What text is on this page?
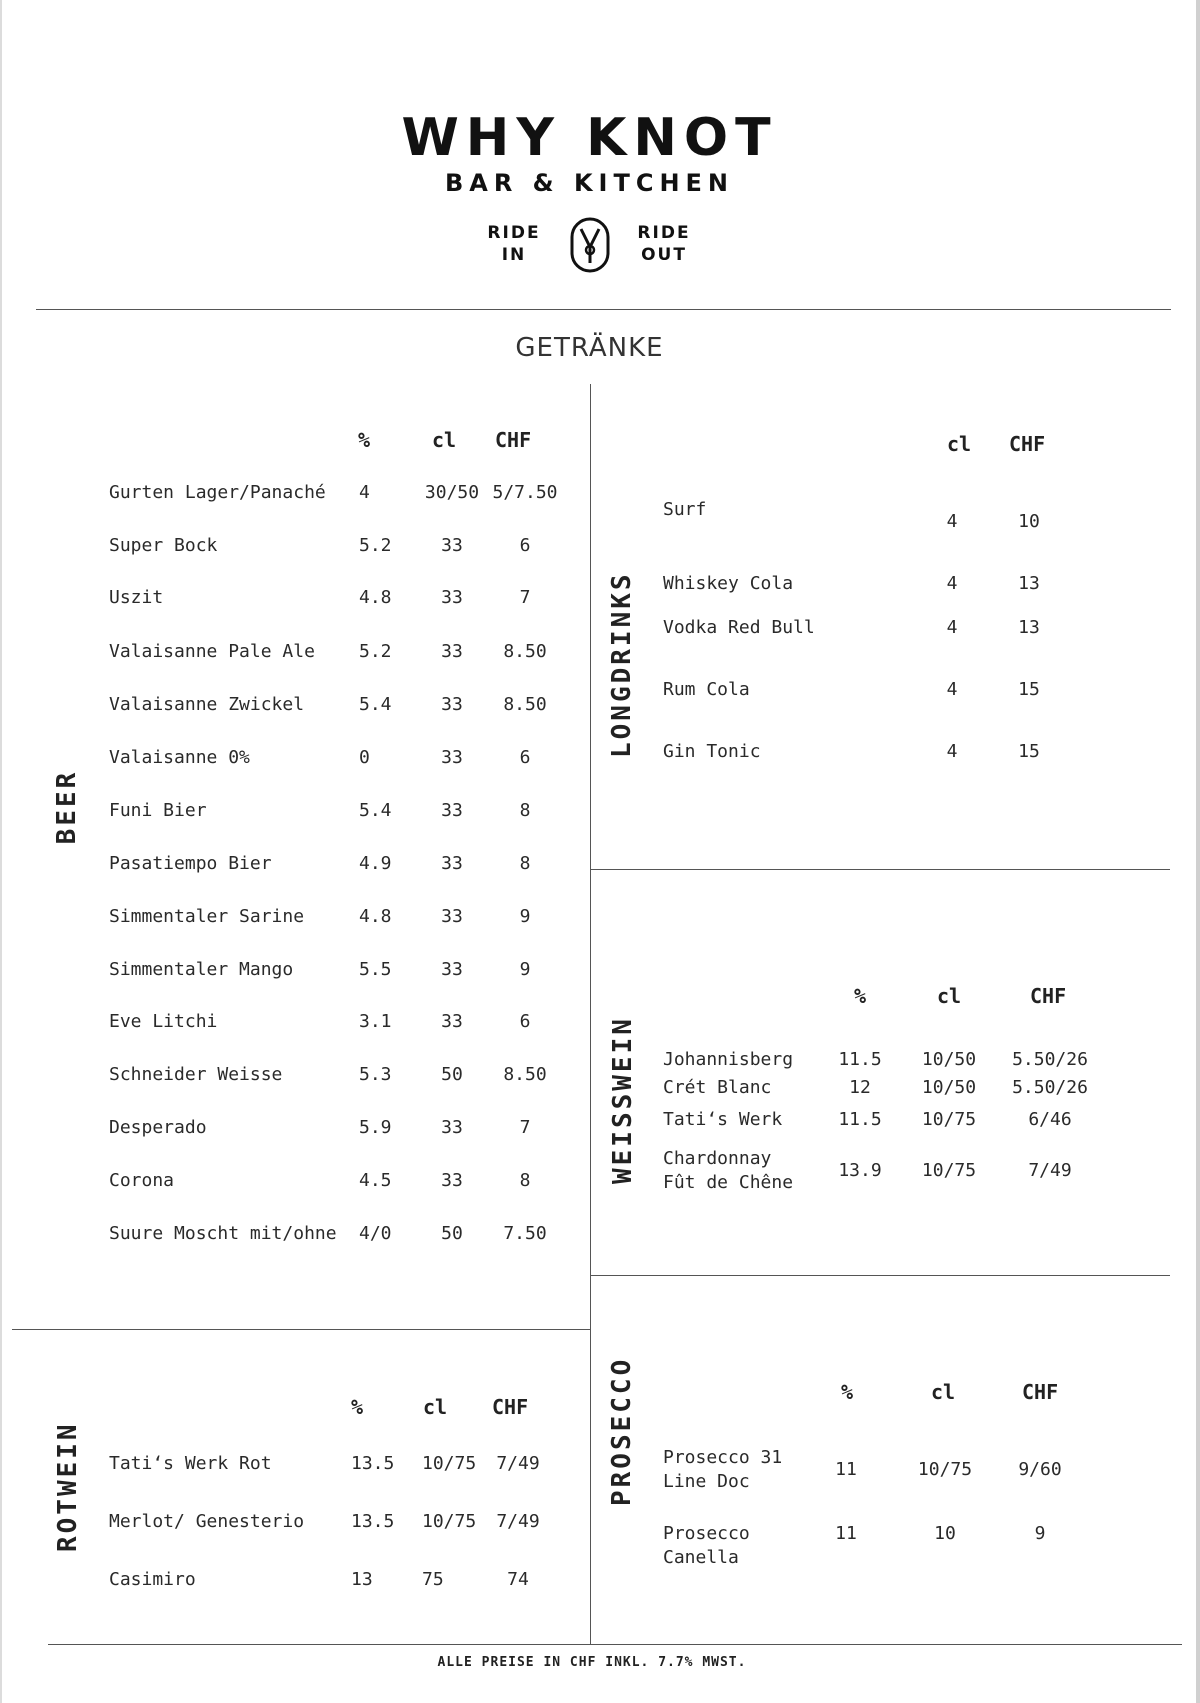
WHY KNOT
BAR & KITCHEN
RIDE
IN
RIDE
OUT
GETRÄNKE
BEER
%	cl CHF
Gurten Lager/Panaché 4	30/50 5/7.50
Super Bock	5.2	33	6
Uszit	4.8	33	7
Valaisanne Pale Ale 5.2	33	8.50
Valaisanne Zwickel	5.4	33	8.50
Valaisanne 0%	0	33	6
Funi Bier	5.4	33	8
Pasatiempo Bier	4.9	33	8
Simmentaler Sarine	4.8	33	9
Simmentaler Mango	5.5	33	9
Eve Litchi	3.1	33	6
Schneider Weisse	5.3	50	8.50
Desperado	5.9	33	7
Corona	4.5	33	8
Suure Moscht mit/ohne 4/0	50	7.50
LONGDRINKS
cl CHF
Surf
4	10
Whiskey Cola	4	13
Vodka Red Bull	4	13
Rum Cola	4	15
Gin Tonic	4	15
WEISSWEIN
%	cl	CHF
Johannisberg	11.5	10/50	5.50/26
Crét Blanc	12	10/50	5.50/26
Tati‘s Werk	11.5	10/75	6/46
Chardonnay
Fût de Chêne
13.9	10/75	7/49
ROTWEIN
%	cl CHF
Tati‘s Werk Rot	13.5 10/75	7/49
Merlot/ Genesterio	13.5 10/75	7/49
Casimiro	13	75	74
PROSECCO	%	cl	CHF
Prosecco 31
Line Doc
11	10/75	9/60
Prosecco
Canella
11	10	9
ALLE PREISE IN CHF INKL. 7.7% MWST.
